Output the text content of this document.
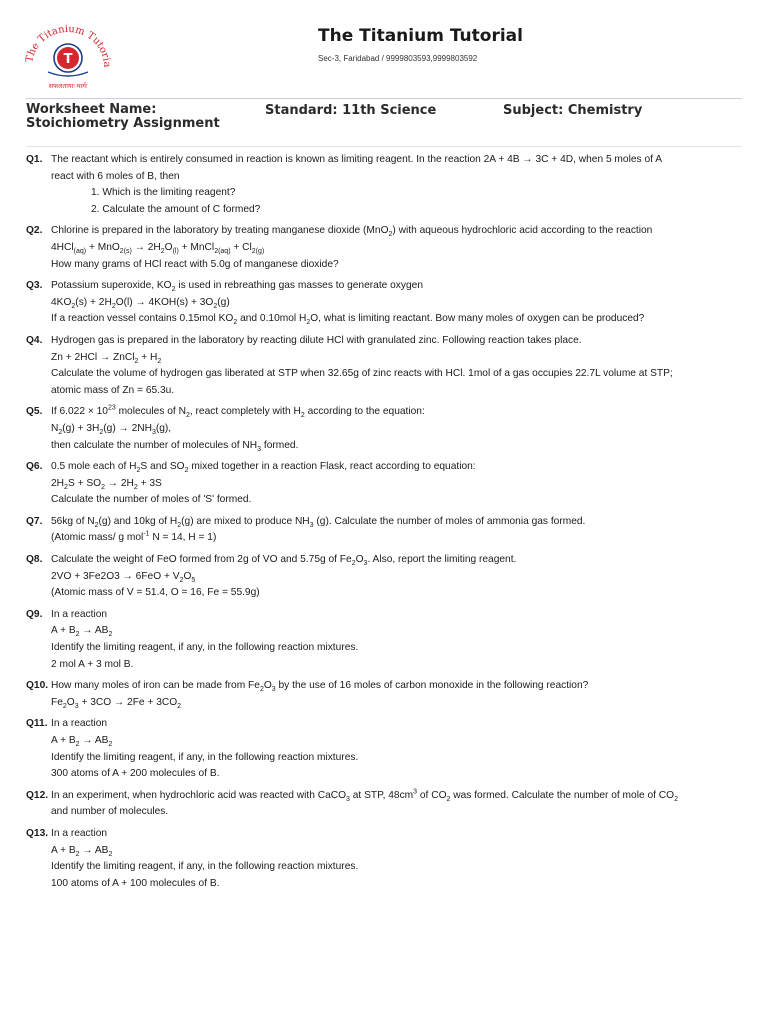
The Titanium Tutoria
T
सफलतायाः मार्गः
The Titanium Tutorial
Sec-3, Faridabad / 9999803593,9999803592
Worksheet Name: Stoichiometry Assignment
Standard: 11th Science	Subject: Chemistry
Q1. The reactant which is entirely consumed in reaction is known as limiting reagent. In the reaction 2A + 4B → 3C + 4D, when 5 moles of A
react with 6 moles of B, then
1. Which is the limiting reagent?
2. Calculate the amount of C formed?
Q2. Chlorine is prepared in the laboratory by treating manganese dioxide (MnO$_2$) with aqueous hydrochloric acid according to the reaction
$4HCl_{(aq)} + MnO_{2(s)} \to 2H_2O_{(l)}$ + MnCl$_{2(aq)}$ + $Cl_{2(g)}$
How many grams of HCl react with 5.0g of manganese dioxide?
Q3. Potassium superoxide, $KO_2$ is used in rebreathing gas masses to generate oxygen
$4KO_2(s) + 2H_2O(l) \to 4KOH(s) + 3O_2(g)$
If a reaction vessel contains 0.15mol $KO_2$ and 0.10mol $H_2O$, what is limiting reactant. Bow many moles of oxygen can be produced?
Q4. Hydrogen gas is prepared in the laboratory by reacting dilute HCl with granulated zinc. Following reaction takes place.
Zn + 2HCl → ZnCl$_2$ + $H_2$
Calculate the volume of hydrogen gas liberated at STP when 32.65g of zinc reacts with HCl. 1mol of a gas occupies 22.7L volume at STP;
atomic mass of Zn = 65.3u.
Q5. If $6.022 \times 10^{23}$ molecules of $N_2$, react completely with $H_2$ according to the equation:
$N_2(g) + 3H_2(g) \to 2NH_3(g)$,
then calculate the number of molecules of $NH_3$ formed.
Q6. 0.5 mole each of $H_2S$ and $SO_2$ mixed together in a reaction Flask, react according to equation:
$2H_2S + SO_2 \to 2H_2 + 3S$
Calculate the number of moles of 'S' formed.
Q7. 56kg of $N_2(g)$ and 10kg of $H_2(g)$ are mixed to produce $NH_3$ (g). Calculate the number of moles of ammonia gas formed.
(Atomic mass/ g mol$^{-1}$ N = 14, H = 1)
Q8. Calculate the weight of FeO formed from 2g of VO and 5.75g of $Fe_2O_3$. Also, report the limiting reagent.
$2VO + 3Fe2O3 \to 6FeO + V_2O_5$
(Atomic mass of V = 51.4, O = 16, Fe = 55.9g)
Q9. In a reaction
$A + B_2 \to AB_2$
Identify the limiting reagent, if any, in the following reaction mixtures.
2 mol A + 3 mol B.
Q10. How many moles of iron can be made from $Fe_2O_3$ by the use of 16 moles of carbon monoxide in the following reaction?
$Fe_2O_3 + 3CO \to 2Fe + 3CO_2$
Q11. In a reaction
$A + B_2 \to AB_2$
Identify the limiting reagent, if any, in the following reaction mixtures.
300 atoms of A + 200 molecules of B.
Q12. In an experiment, when hydrochloric acid was reacted with CaCO$_3$ at STP, $48cm^3$ of $CO_2$ was formed. Calculate the number of mole of $CO_2$
and number of molecules.
Q13. In a reaction
$A + B_2 \to AB_2$
Identify the limiting reagent, if any, in the following reaction mixtures.
100 atoms of A + 100 molecules of B.
